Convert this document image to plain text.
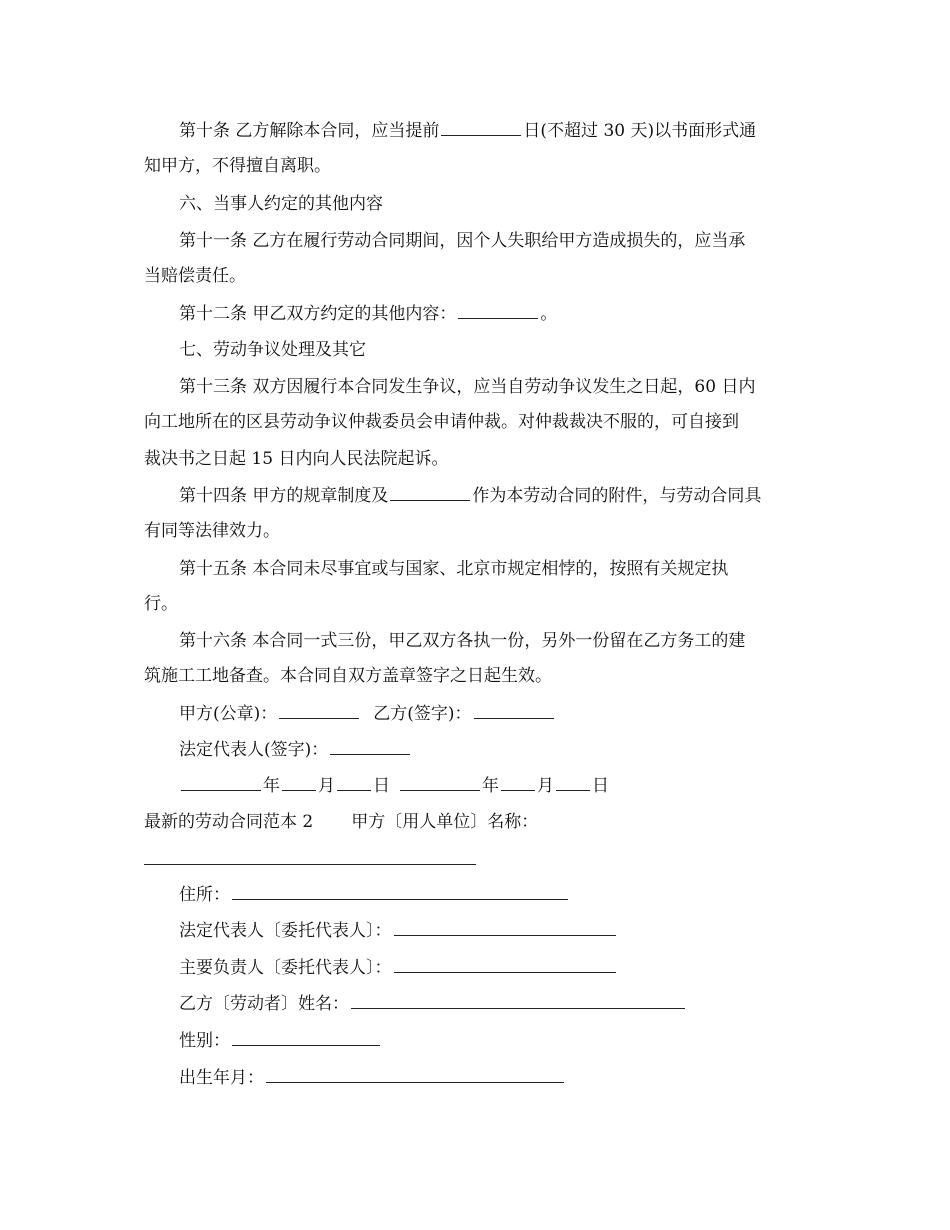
第十条 乙方解除本合同，应当提前	日(不超过 30 天)以书面形式通
知甲方，不得擅自离职。
六、当事人约定的其他内容
第十一条 乙方在履行劳动合同期间，因个人失职给甲方造成损失的，应当承
当赔偿责任。
第十二条 甲乙双方约定的其他内容：	。
七、劳动争议处理及其它
第十三条 双方因履行本合同发生争议，应当自劳动争议发生之日起，60 日内
向工地所在的区县劳动争议仲裁委员会申请仲裁。对仲裁裁决不服的，可自接到
裁决书之日起 15 日内向人民法院起诉。
第十四条 甲方的规章制度及	作为本劳动合同的附件，与劳动合同具
有同等法律效力。
第十五条 本合同未尽事宜或与国家、北京市规定相悖的，按照有关规定执
行。
第十六条 本合同一式三份，甲乙双方各执一份，另外一份留在乙方务工的建
筑施工工地备查。本合同自双方盖章签字之日起生效。
甲方(公章)：	乙方(签字)：
法定代表人(签字)：
年 月 日	年 月 日
最新的劳动合同范本 2 甲方〔用人单位〕名称：
住所：
法定代表人〔委托代表人〕：
主要负责人〔委托代表人〕：
乙方〔劳动者〕姓名：
性别：
出生年月：
